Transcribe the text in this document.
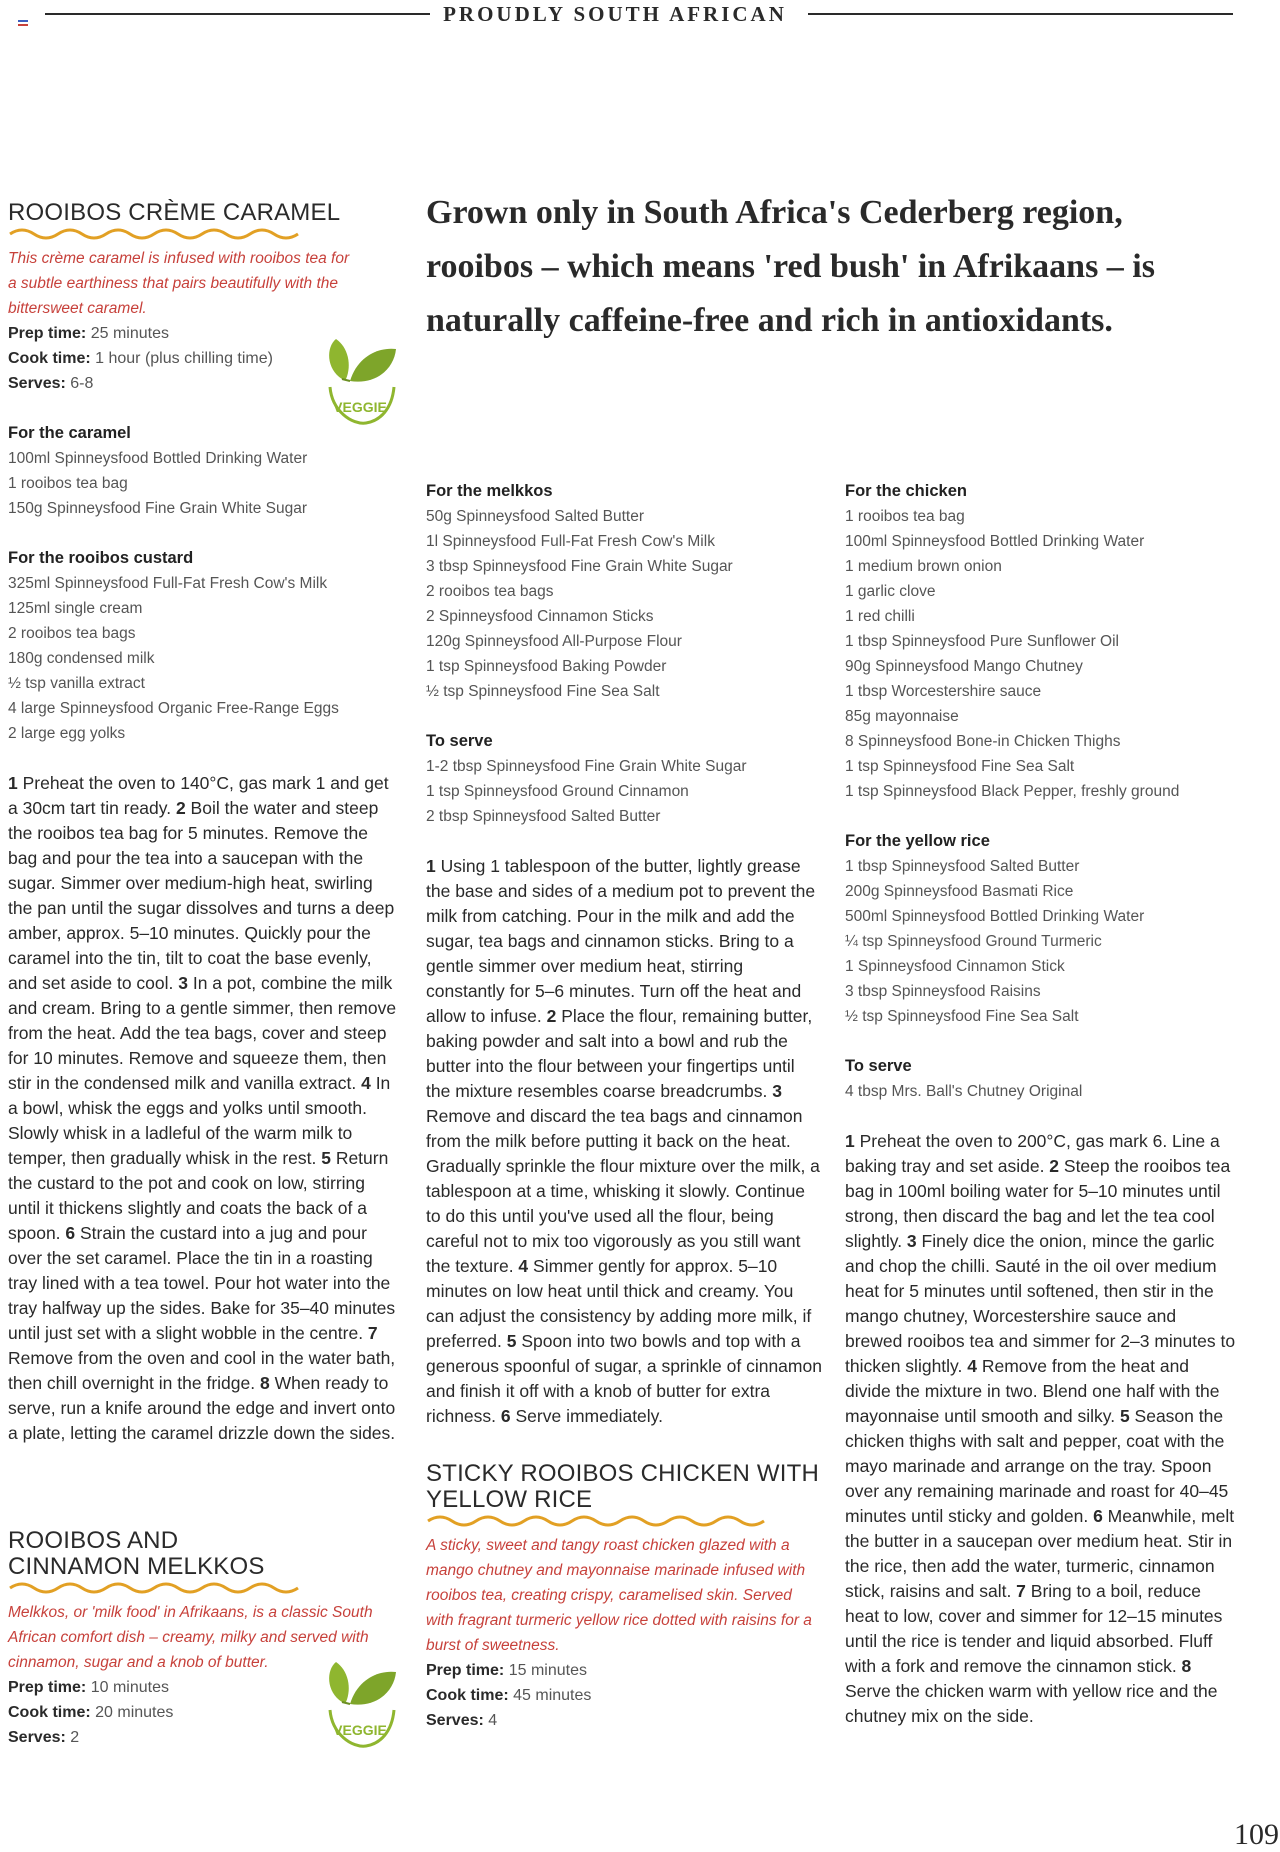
PROUDLY SOUTH AFRICAN
ROOIBOS CRÈME CARAMEL
This crème caramel is infused with rooibos tea for a subtle earthiness that pairs beautifully with the bittersweet caramel.
Prep time: 25 minutes
Cook time: 1 hour (plus chilling time)
Serves: 6-8
For the caramel
100ml Spinneysfood Bottled Drinking Water
1 rooibos tea bag
150g Spinneysfood Fine Grain White Sugar
For the rooibos custard
325ml Spinneysfood Full-Fat Fresh Cow's Milk
125ml single cream
2 rooibos tea bags
180g condensed milk
½ tsp vanilla extract
4 large Spinneysfood Organic Free-Range Eggs
2 large egg yolks
1 Preheat the oven to 140°C, gas mark 1 and get a 30cm tart tin ready. 2 Boil the water and steep the rooibos tea bag for 5 minutes. Remove the bag and pour the tea into a saucepan with the sugar. Simmer over medium-high heat, swirling the pan until the sugar dissolves and turns a deep amber, approx. 5–10 minutes. Quickly pour the caramel into the tin, tilt to coat the base evenly, and set aside to cool. 3 In a pot, combine the milk and cream. Bring to a gentle simmer, then remove from the heat. Add the tea bags, cover and steep for 10 minutes. Remove and squeeze them, then stir in the condensed milk and vanilla extract. 4 In a bowl, whisk the eggs and yolks until smooth. Slowly whisk in a ladleful of the warm milk to temper, then gradually whisk in the rest. 5 Return the custard to the pot and cook on low, stirring until it thickens slightly and coats the back of a spoon. 6 Strain the custard into a jug and pour over the set caramel. Place the tin in a roasting tray lined with a tea towel. Pour hot water into the tray halfway up the sides. Bake for 35–40 minutes until just set with a slight wobble in the centre. 7 Remove from the oven and cool in the water bath, then chill overnight in the fridge. 8 When ready to serve, run a knife around the edge and invert onto a plate, letting the caramel drizzle down the sides.
VEGGIE
ROOIBOS AND
CINNAMON MELKKOS
Melkkos, or 'milk food' in Afrikaans, is a classic South African comfort dish – creamy, milky and served with cinnamon, sugar and a knob of butter.
Prep time: 10 minutes
Cook time: 20 minutes
Serves: 2	VEGGIE
Grown only in South Africa's Cederberg region, rooibos – which means 'red bush' in Afrikaans – is naturally caffeine-free and rich in antioxidants.
For the melkkos
50g Spinneysfood Salted Butter
1l Spinneysfood Full-Fat Fresh Cow's Milk
3 tbsp Spinneysfood Fine Grain White Sugar
2 rooibos tea bags
2 Spinneysfood Cinnamon Sticks
120g Spinneysfood All-Purpose Flour
1 tsp Spinneysfood Baking Powder
½ tsp Spinneysfood Fine Sea Salt
To serve
1-2 tbsp Spinneysfood Fine Grain White Sugar
1 tsp Spinneysfood Ground Cinnamon
2 tbsp Spinneysfood Salted Butter
1 Using 1 tablespoon of the butter, lightly grease the base and sides of a medium pot to prevent the milk from catching. Pour in the milk and add the sugar, tea bags and cinnamon sticks. Bring to a gentle simmer over medium heat, stirring constantly for 5–6 minutes. Turn off the heat and allow to infuse. 2 Place the flour, remaining butter, baking powder and salt into a bowl and rub the butter into the flour between your fingertips until the mixture resembles coarse breadcrumbs. 3 Remove and discard the tea bags and cinnamon from the milk before putting it back on the heat. Gradually sprinkle the flour mixture over the milk, a tablespoon at a time, whisking it slowly. Continue to do this until you've used all the flour, being careful not to mix too vigorously as you still want the texture. 4 Simmer gently for approx. 5–10 minutes on low heat until thick and creamy. You can adjust the consistency by adding more milk, if preferred. 5 Spoon into two bowls and top with a generous spoonful of sugar, a sprinkle of cinnamon and finish it off with a knob of butter for extra richness. 6 Serve immediately.
STICKY ROOIBOS CHICKEN WITH
YELLOW RICE
A sticky, sweet and tangy roast chicken glazed with a mango chutney and mayonnaise marinade infused with rooibos tea, creating crispy, caramelised skin. Served with fragrant turmeric yellow rice dotted with raisins for a burst of sweetness.
Prep time: 15 minutes
Cook time: 45 minutes
Serves: 4
For the chicken
1 rooibos tea bag
100ml Spinneysfood Bottled Drinking Water
1 medium brown onion
1 garlic clove
1 red chilli
1 tbsp Spinneysfood Pure Sunflower Oil
90g Spinneysfood Mango Chutney
1 tbsp Worcestershire sauce
85g mayonnaise
8 Spinneysfood Bone-in Chicken Thighs
1 tsp Spinneysfood Fine Sea Salt
1 tsp Spinneysfood Black Pepper, freshly ground
For the yellow rice
1 tbsp Spinneysfood Salted Butter
200g Spinneysfood Basmati Rice
500ml Spinneysfood Bottled Drinking Water
¼ tsp Spinneysfood Ground Turmeric
1 Spinneysfood Cinnamon Stick
3 tbsp Spinneysfood Raisins
½ tsp Spinneysfood Fine Sea Salt
To serve
4 tbsp Mrs. Ball's Chutney Original
1 Preheat the oven to 200°C, gas mark 6. Line a baking tray and set aside. 2 Steep the rooibos tea bag in 100ml boiling water for 5–10 minutes until strong, then discard the bag and let the tea cool slightly. 3 Finely dice the onion, mince the garlic and chop the chilli. Sauté in the oil over medium heat for 5 minutes until softened, then stir in the mango chutney, Worcestershire sauce and brewed rooibos tea and simmer for 2–3 minutes to thicken slightly. 4 Remove from the heat and divide the mixture in two. Blend one half with the mayonnaise until smooth and silky. 5 Season the chicken thighs with salt and pepper, coat with the mayo marinade and arrange on the tray. Spoon over any remaining marinade and roast for 40–45 minutes until sticky and golden. 6 Meanwhile, melt the butter in a saucepan over medium heat. Stir in the rice, then add the water, turmeric, cinnamon stick, raisins and salt. 7 Bring to a boil, reduce heat to low, cover and simmer for 12–15 minutes until the rice is tender and liquid absorbed. Fluff with a fork and remove the cinnamon stick. 8 Serve the chicken warm with yellow rice and the chutney mix on the side.
109
